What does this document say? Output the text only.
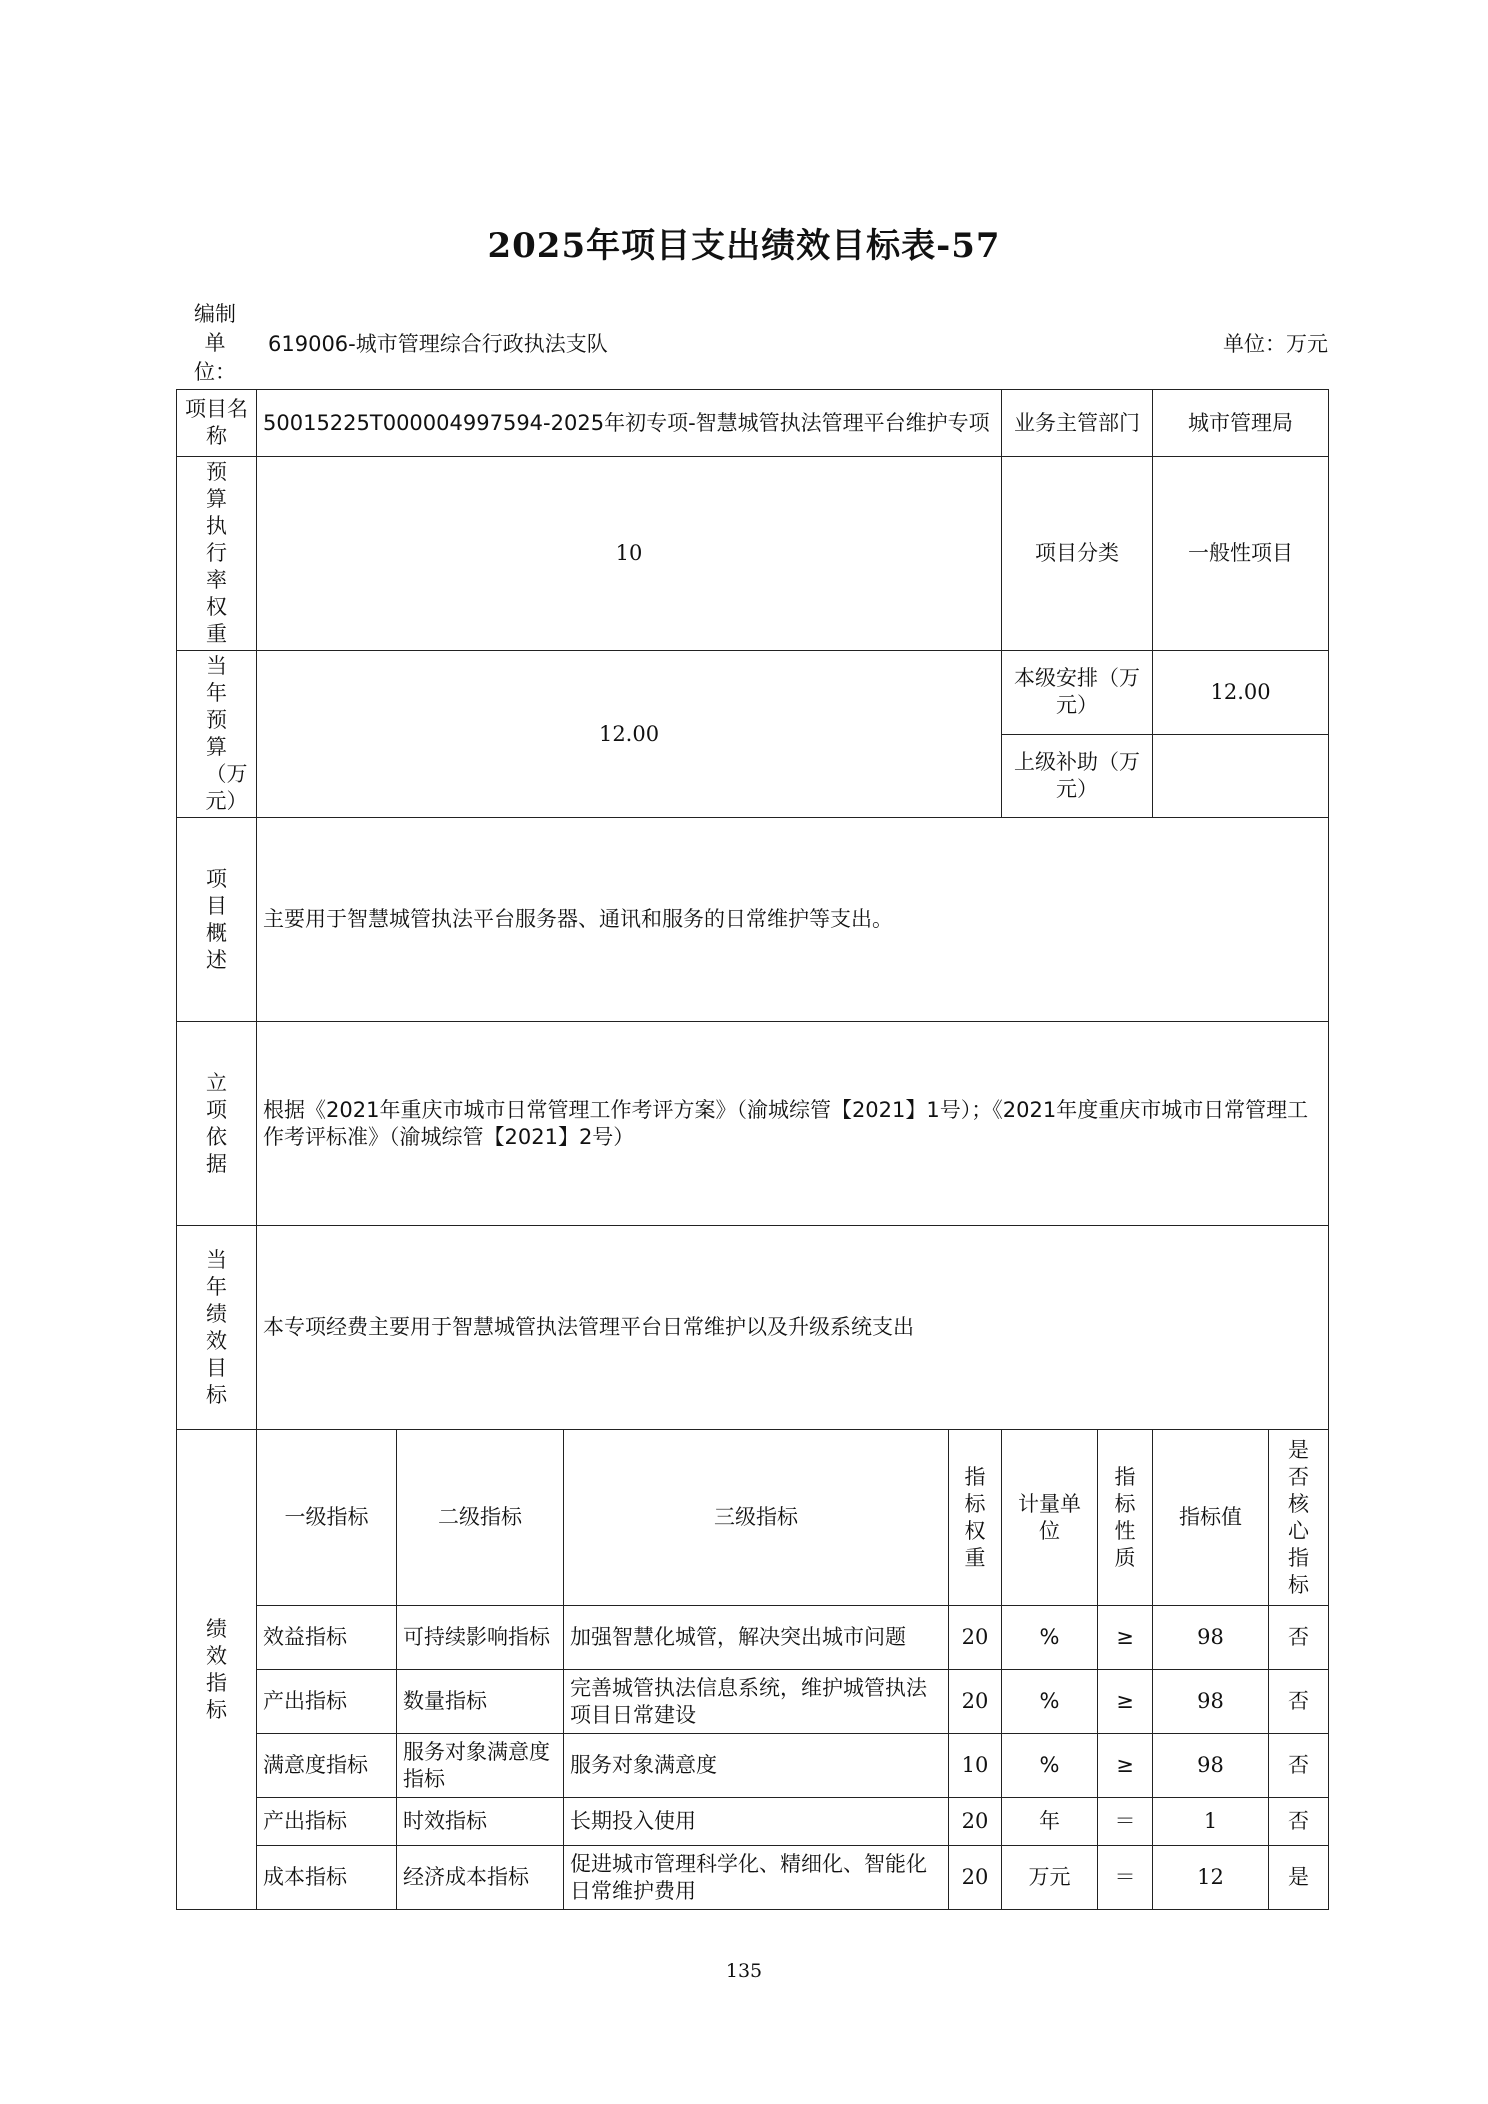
2025年项目支出绩效目标表-57
编制单位：
619006-城市管理综合行政执法支队	单位：万元
项目名称	50015225T000004997594-2025年初专项-智慧城管执法管理平台维护专项				业务主管部门		城市管理局	

预算执行率权重	10				项目分类		一般性项目	

当年预算（万元）	12.00				本级安排（万元）		12.00	
					上级补助（万元）			

项目概述	主要用于智慧城管执法平台服务器、通讯和服务的日常维护等支出。							

立项依据	根据《2021年重庆市城市日常管理工作考评方案》（渝城综管【2021】1号）；《2021年度重庆市城市日常管理工作考评标准》（渝城综管【2021】2号）							

当年绩效目标	本专项经费主要用于智慧城管执法管理平台日常维护以及升级系统支出							

绩效指标	一级指标	二级指标	三级指标	指标权重	计量单位	指标性质	指标值	是否核心指标

	效益指标	可持续影响指标	加强智慧化城管，解决突出城市问题	20	%	≥	98	否
	产出指标	数量指标	完善城管执法信息系统，维护城管执法项目日常建设	20	%	≥	98	否
	满意度指标	服务对象满意度指标	服务对象满意度	10	%	≥	98	否
	产出指标	时效指标	长期投入使用	20	年	＝	1	否
	成本指标	经济成本指标	促进城市管理科学化、精细化、智能化日常维护费用	20	万元	＝	12	是
135
